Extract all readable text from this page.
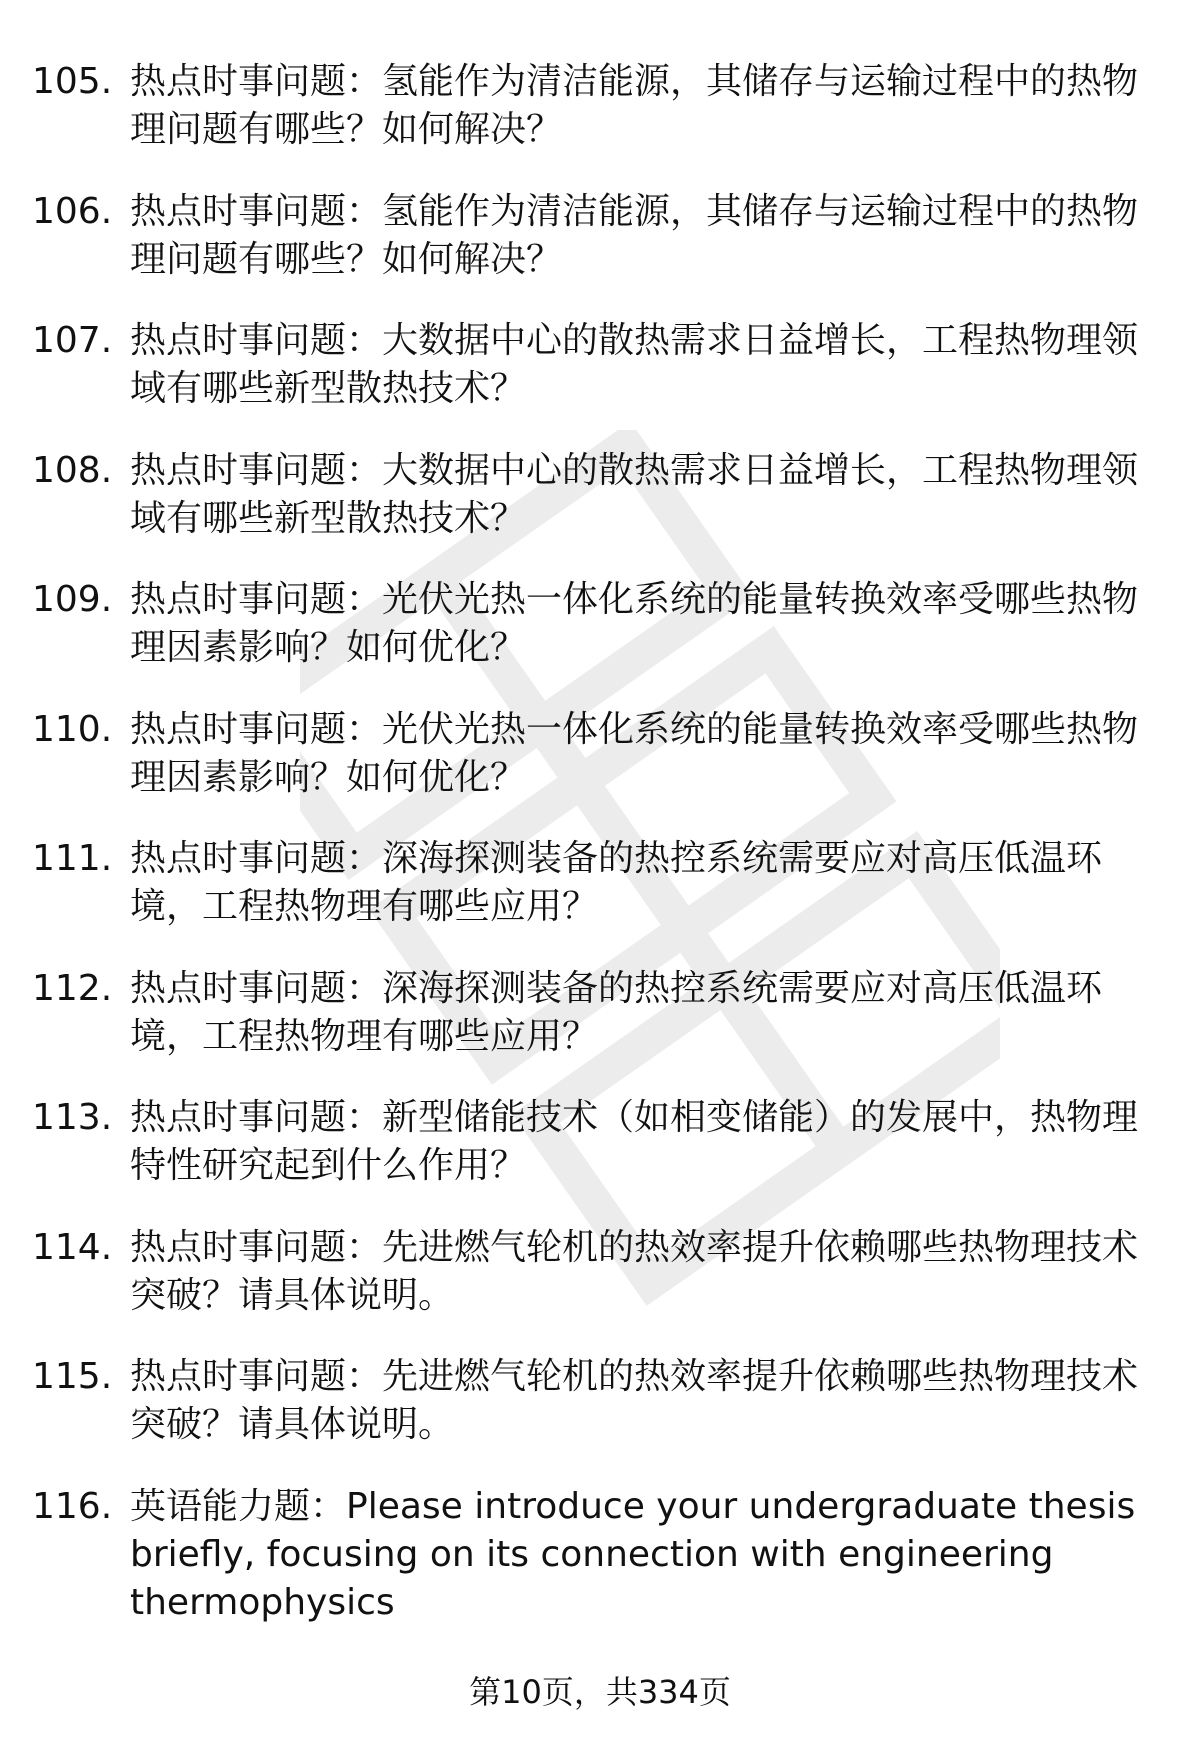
105. 热点时事问题：氢能作为清洁能源，其储存与运输过程中的热物理问题有哪些？如何解决？
106. 热点时事问题：氢能作为清洁能源，其储存与运输过程中的热物理问题有哪些？如何解决？
107. 热点时事问题：大数据中心的散热需求日益增长，工程热物理领域有哪些新型散热技术？
108. 热点时事问题：大数据中心的散热需求日益增长，工程热物理领域有哪些新型散热技术？
109. 热点时事问题：光伏光热一体化系统的能量转换效率受哪些热物理因素影响？如何优化？
110. 热点时事问题：光伏光热一体化系统的能量转换效率受哪些热物理因素影响？如何优化？
111. 热点时事问题：深海探测装备的热控系统需要应对高压低温环境，工程热物理有哪些应用？
112. 热点时事问题：深海探测装备的热控系统需要应对高压低温环境，工程热物理有哪些应用？
113. 热点时事问题：新型储能技术（如相变储能）的发展中，热物理特性研究起到什么作用？
114. 热点时事问题：先进燃气轮机的热效率提升依赖哪些热物理技术突破？请具体说明。
115. 热点时事问题：先进燃气轮机的热效率提升依赖哪些热物理技术突破？请具体说明。
116. 英语能力题：Please introduce your undergraduate thesis briefly, focusing on its connection with engineering thermophysics
第10页，共334页
